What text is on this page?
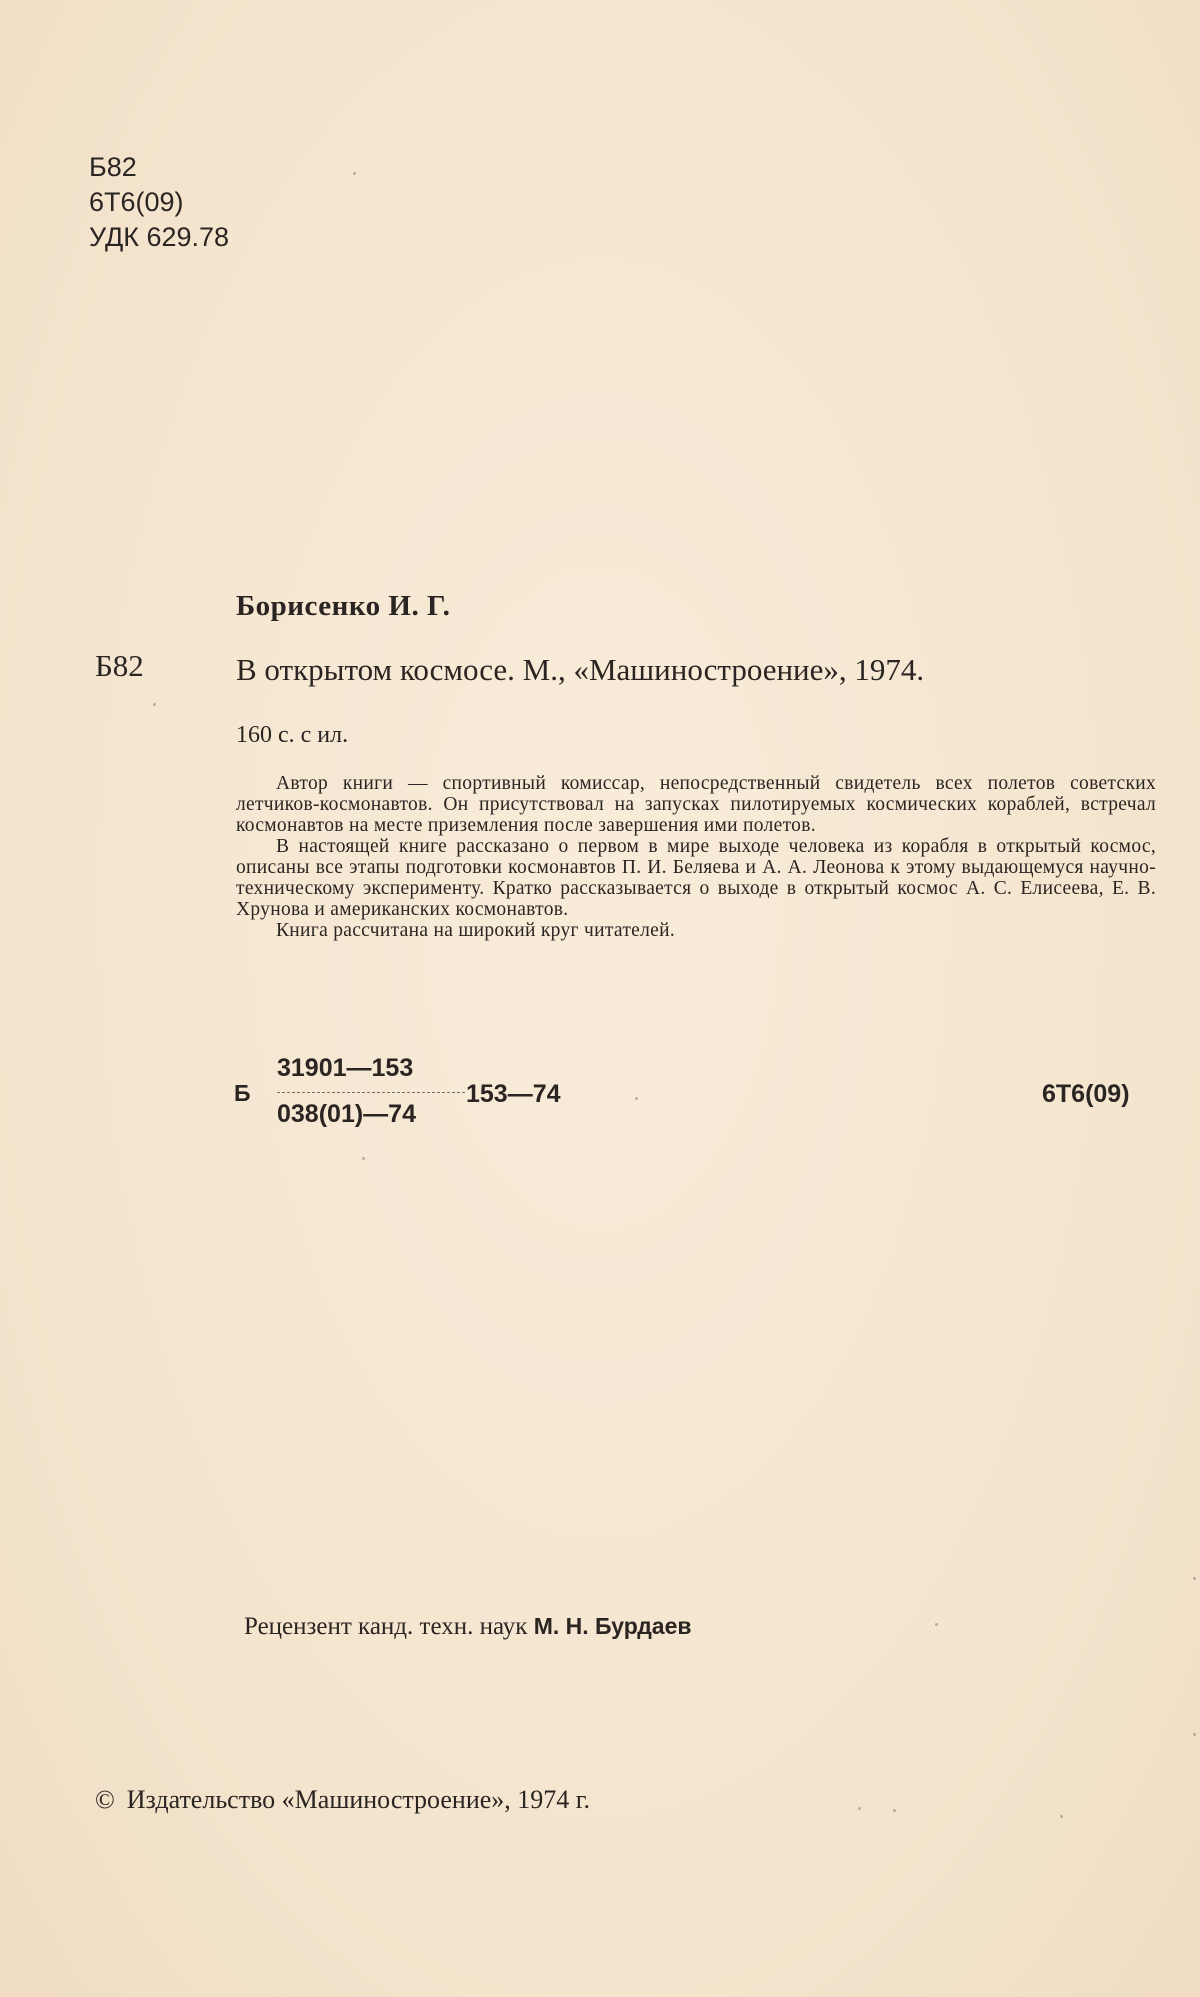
Б82
6Т6(09)
УДК 629.78
Борисенко И. Г.
Б82	В открытом космосе. М., «Машиностроение», 1974.
160 с. с ил.

Автор книги — спортивный комиссар, непосредственный свидетель всех полетов советских летчиков-космонавтов. Он присутствовал на запусках пилотируемых космических кораблей, встречал космонавтов на месте приземления после завершения ими полетов.

В настоящей книге рассказано о первом в мире выходе человека из корабля в открытый космос, описаны все этапы подготовки космонавтов П. И. Беляева и А. А. Леонова к этому выдающемуся научно-техническому эксперименту. Кратко рассказывается о выходе в открытый космос А. С. Елисеева, Е. В. Хрунова и американских космонавтов.

Книга рассчитана на широкий круг читателей.

Б
31901—153
038(01)—74
153—74	6Т6(09)
Рецензент канд. техн. наук М. Н. Бурдаев
© Издательство «Машиностроение», 1974 г.
